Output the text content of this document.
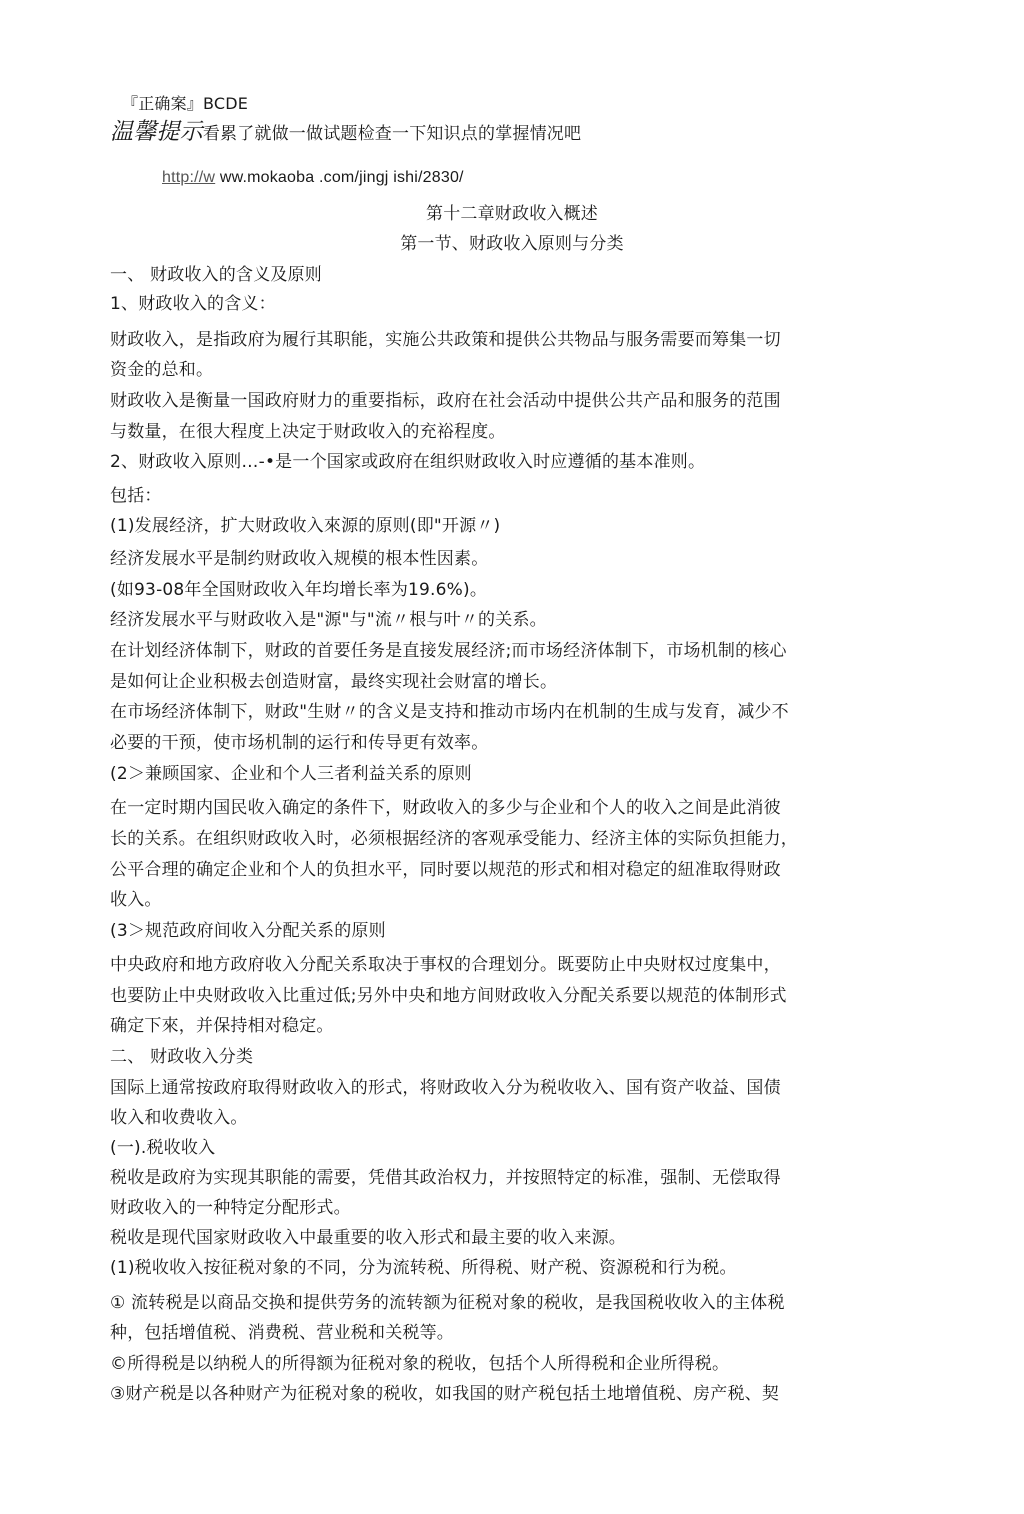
『正确案』BCDE
温馨提示看累了就做一做试题检查一下知识点的掌握情况吧
http://w ww.mokaoba .com/jingj ishi/2830/
第十二章财政收入概述
第一节、财政收入原则与分类
一、 财政收入的含义及原则
1、财政收入的含义：
财政收入，是指政府为履行其职能，实施公共政策和提供公共物品与服务需要而筹集一切
资金的总和。
财政收入是衡量一国政府财力的重要指标，政府在社会活动中提供公共产品和服务的范围
与数量，在很大程度上决定于财政收入的充裕程度。
2、财政收入原则…-•是一个国家或政府在组织财政收入时应遵循的基本准则。
包括：
(1)发展经济，扩大财政收入來源的原则(即"开源〃)
经济发展水平是制约财政收入规模的根本性因素。
(如93-08年全国财政收入年均增长率为19.6%)。
经济发展水平与财政收入是"源"与"流〃根与叶〃的关系。
在计划经济体制下，财政的首要任务是直接发展经济;而市场经济体制下，市场机制的核心
是如何让企业积极去创造财富，最终实现社会财富的增长。
在市场经济体制下，财政"生财〃的含义是支持和推动市场内在机制的生成与发育，减少不
必要的干预，使市场机制的运行和传导更有效率。
(2＞兼顾国家、企业和个人三者利益关系的原则
在一定时期内国民收入确定的条件下，财政收入的多少与企业和个人的收入之间是此消彼
长的关系。在组织财政收入时，必须根据经济的客观承受能力、经济主体的实际负担能力，
公平合理的确定企业和个人的负担水平，同时要以规范的形式和相对稳定的紐准取得财政
收入。
(3＞规范政府间收入分配关系的原则
中央政府和地方政府收入分配关系取决于事权的合理划分。既要防止中央财权过度集中，
也要防止中央财政收入比重过低;另外中央和地方间财政收入分配关系要以规范的体制形式
确定下來，并保持相对稳定。
二、 财政收入分类
国际上通常按政府取得财政收入的形式，将财政收入分为税收收入、国有资产收益、国债
收入和收费收入。
(一).税收收入
税收是政府为实现其职能的需要，凭借其政治权力，并按照特定的标准，强制、无偿取得
财政收入的一种特定分配形式。
税收是现代国家财政收入中最重要的收入形式和最主要的收入来源。
(1)税收收入按征税对象的不同，分为流转税、所得税、财产税、资源税和行为税。
① 流转税是以商品交换和提供劳务的流转额为征税对象的税收，是我国税收收入的主体税
种，包括增值税、消费税、营业税和关税等。
©所得税是以纳税人的所得额为征税对象的税收，包括个人所得税和企业所得税。
③财产税是以各种财产为征税对象的税收，如我国的财产税包括土地增值税、房产税、契
